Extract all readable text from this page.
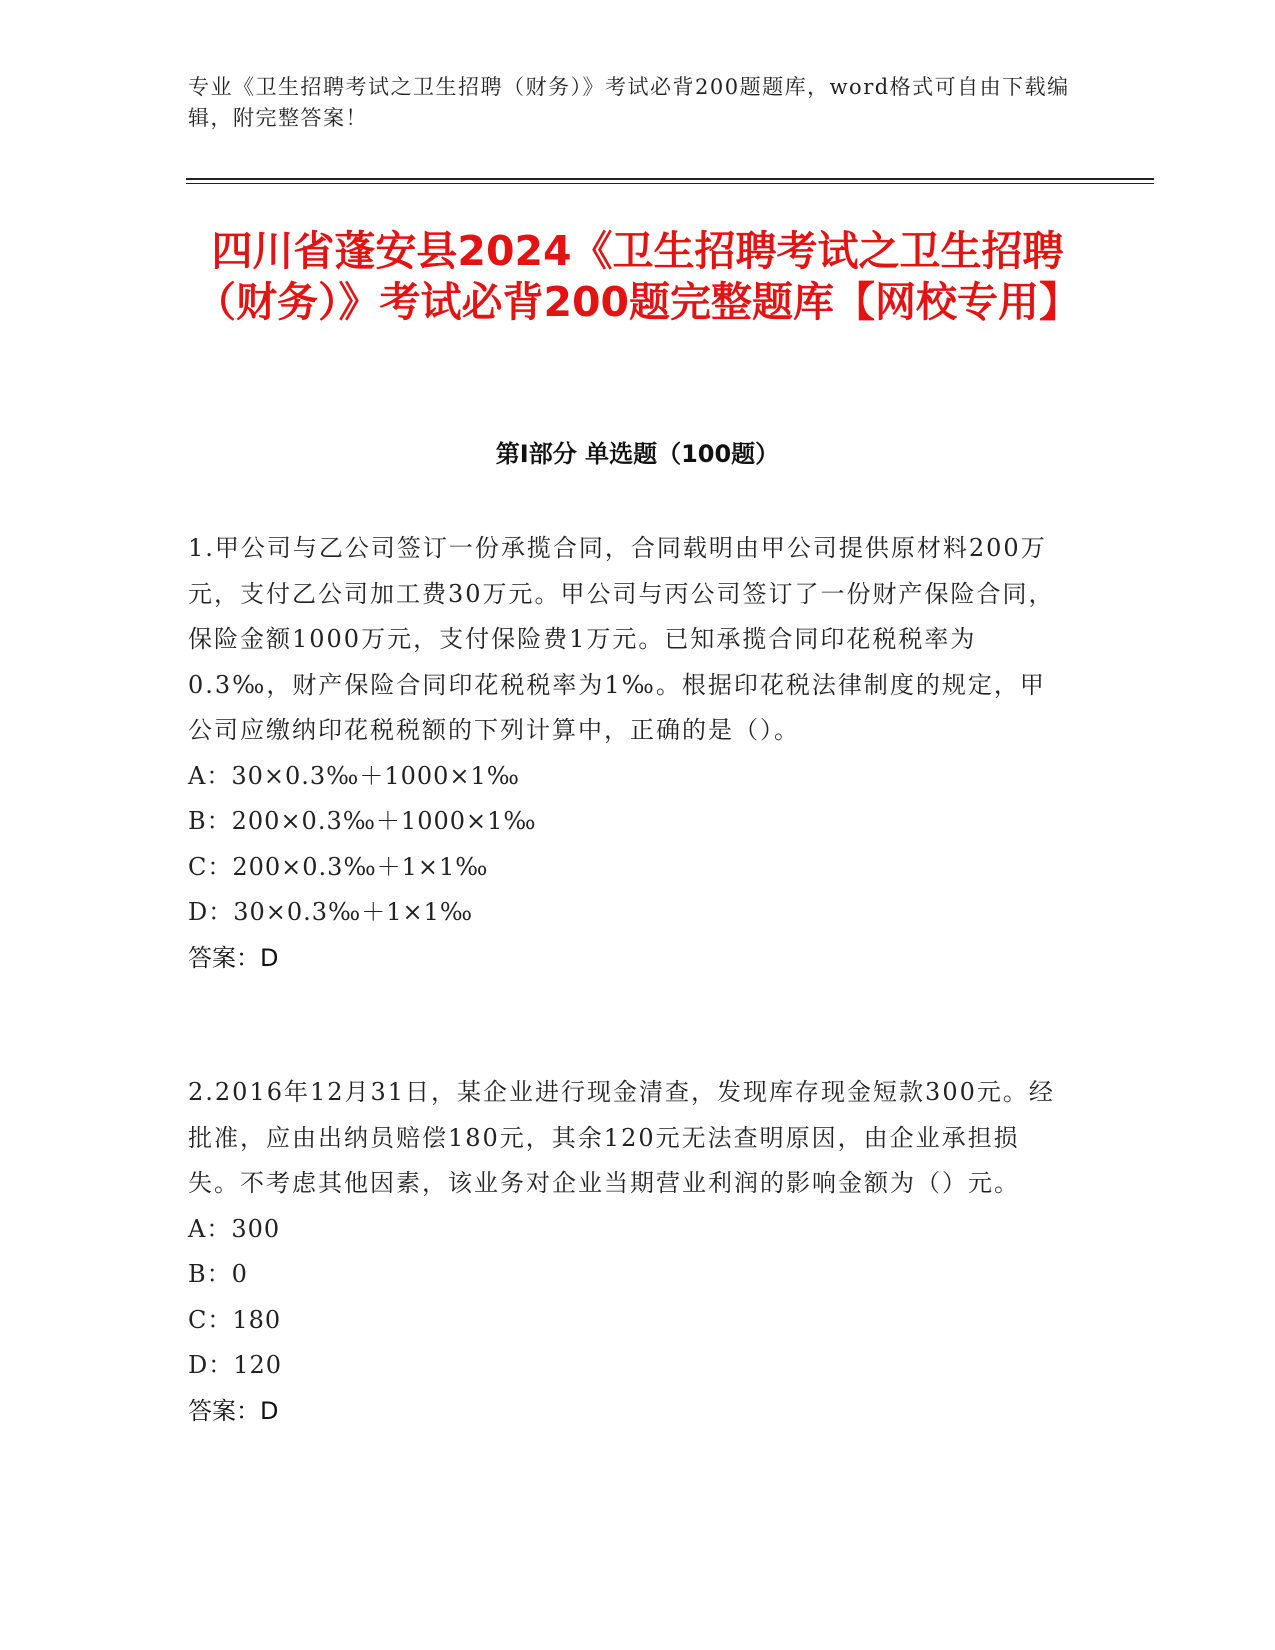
专业《卫生招聘考试之卫生招聘（财务）》考试必背200题题库，word格式可自由下载编辑，附完整答案！
四川省蓬安县2024《卫生招聘考试之卫生招聘（财务）》考试必背200题完整题库【网校专用】
第Ⅰ部分 单选题（100题）

1.甲公司与乙公司签订一份承揽合同，合同载明由甲公司提供原材料200万元，支付乙公司加工费30万元。甲公司与丙公司签订了一份财产保险合同，保险金额1000万元，支付保险费1万元。已知承揽合同印花税税率为0.3‰，财产保险合同印花税税率为1‰。根据印花税法律制度的规定，甲公司应缴纳印花税税额的下列计算中，正确的是（）。

A：30×0.3‰＋1000×1‰

B：200×0.3‰＋1000×1‰

C：200×0.3‰＋1×1‰

D：30×0.3‰＋1×1‰

答案：D

2.2016年12月31日，某企业进行现金清查，发现库存现金短款300元。经批准，应由出纳员赔偿180元，其余120元无法查明原因，由企业承担损失。不考虑其他因素，该业务对企业当期营业利润的影响金额为（）元。

A：300

B：0

C：180

D：120

答案：D
